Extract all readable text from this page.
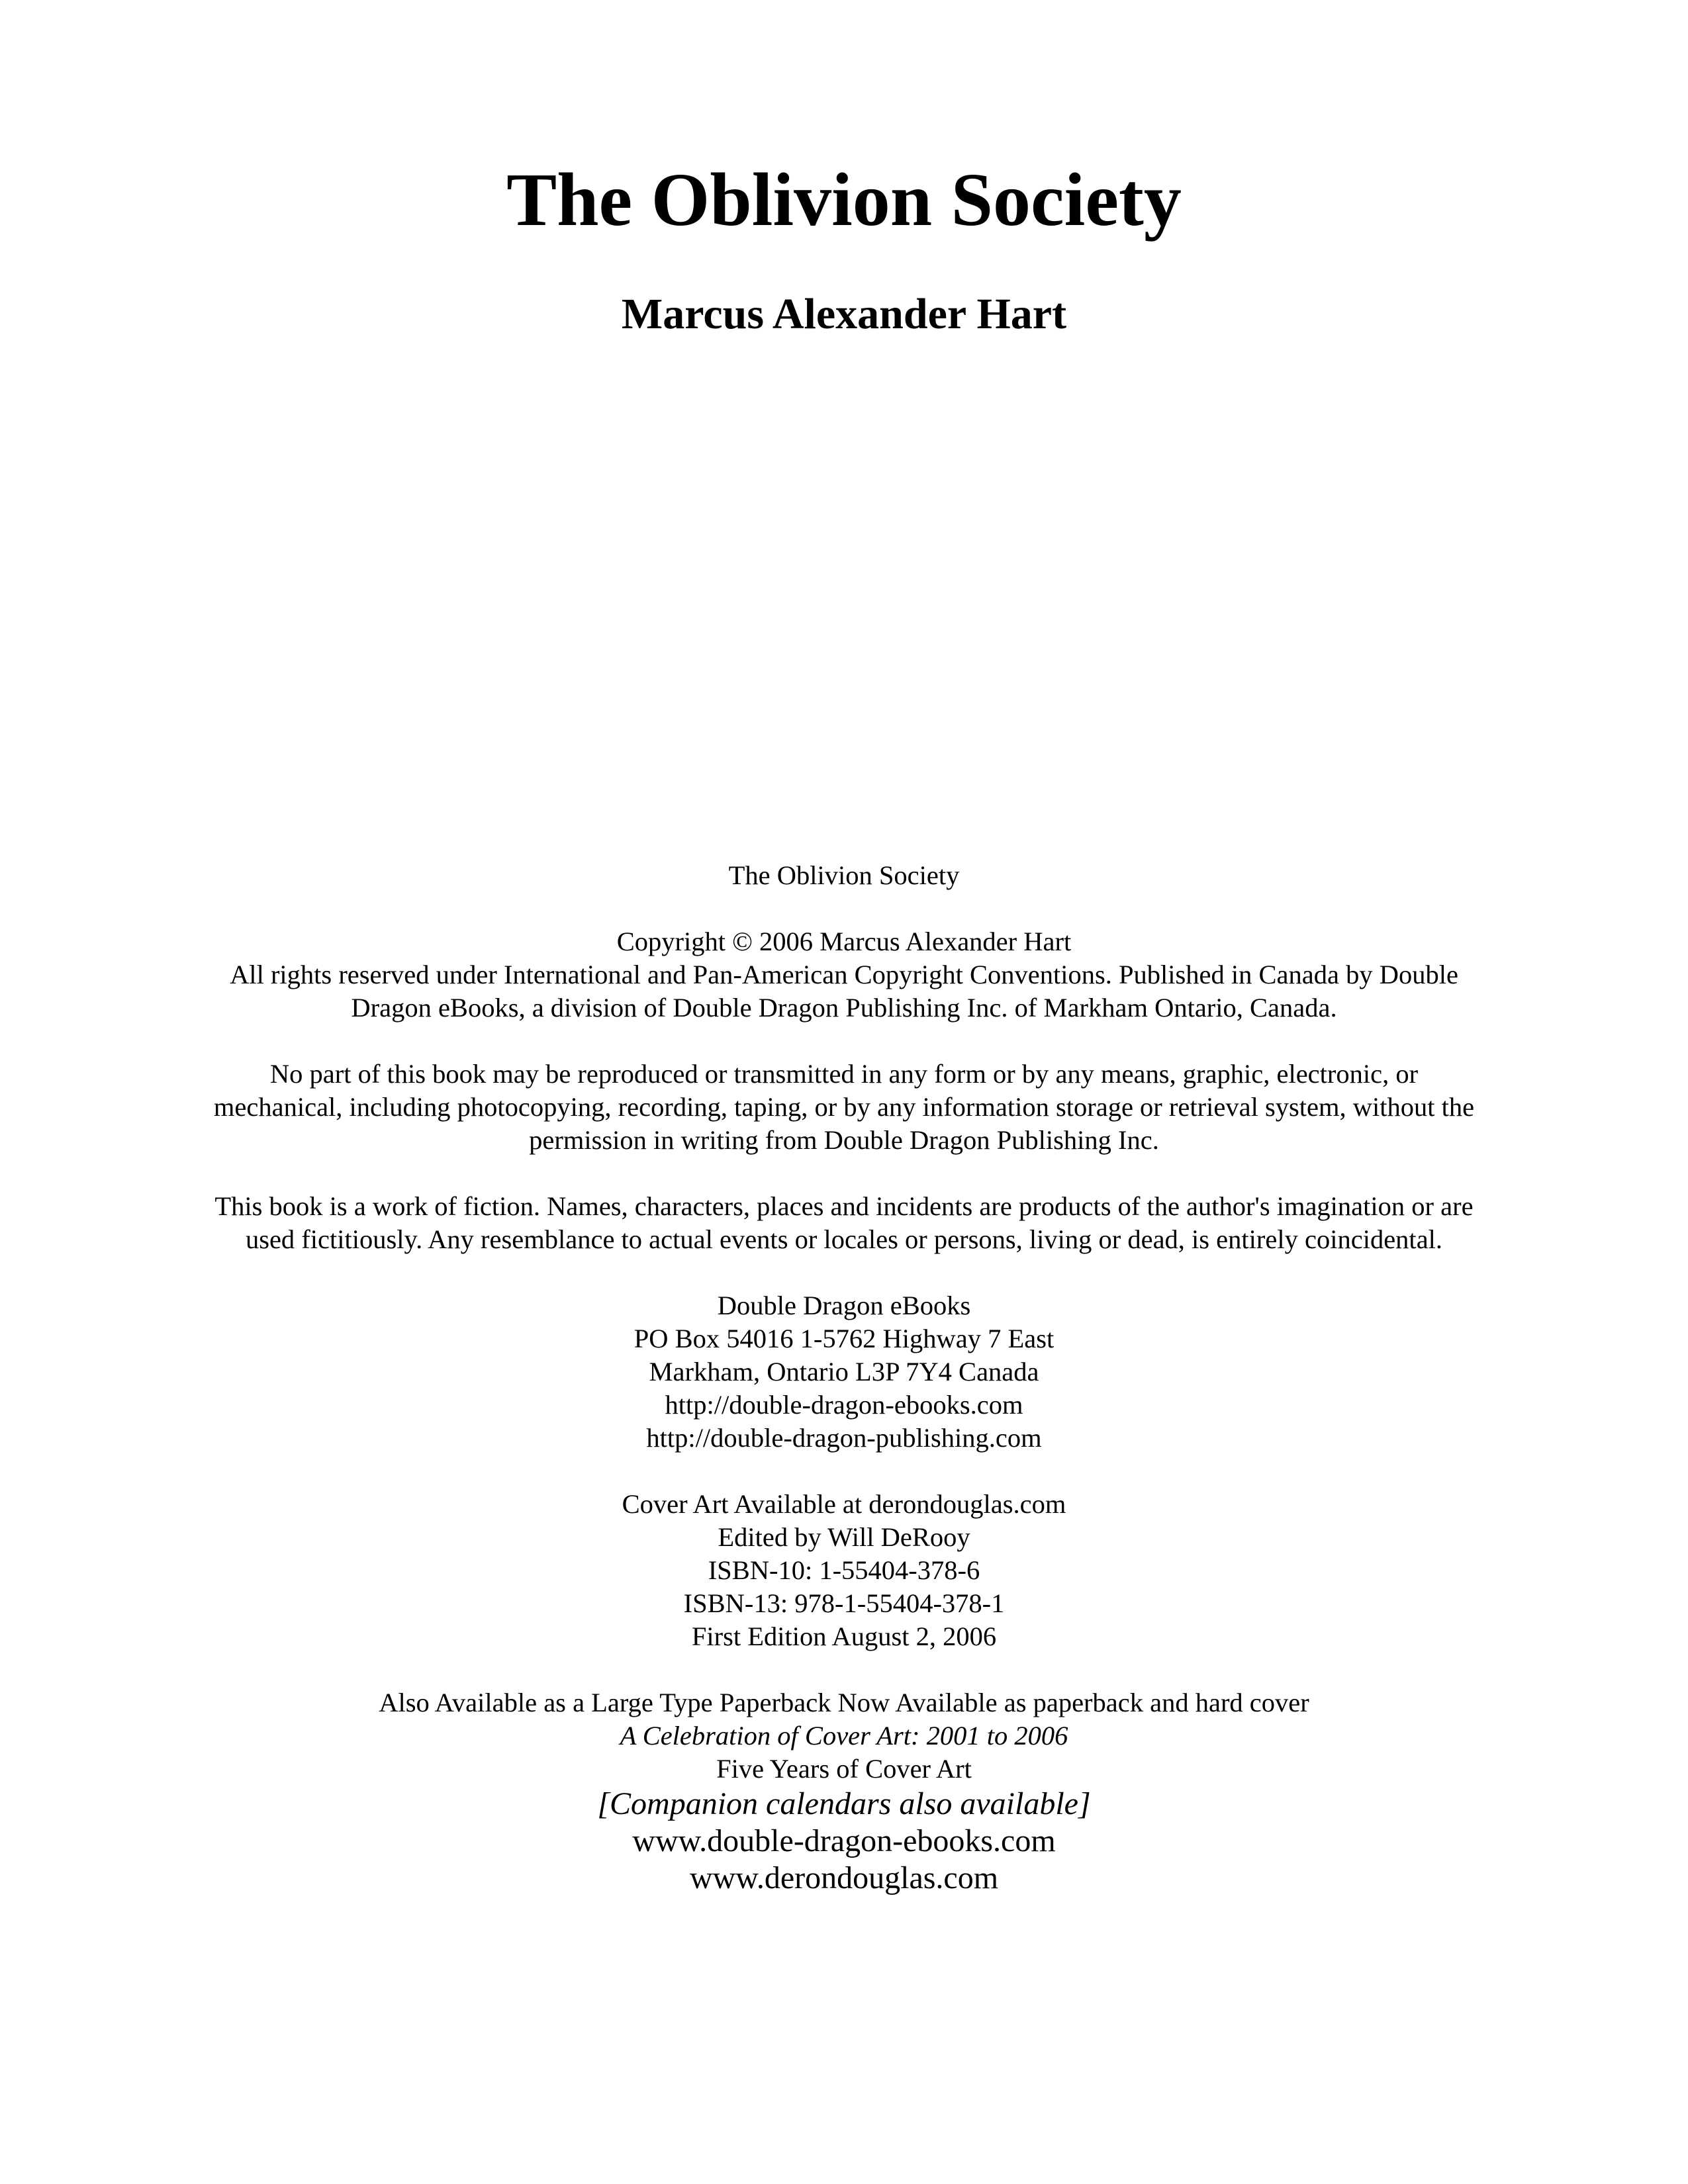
The Oblivion Society
Marcus Alexander Hart
The Oblivion Society
Copyright © 2006 Marcus Alexander Hart
All rights reserved under International and Pan-American Copyright Conventions. Published in Canada by Double
Dragon eBooks, a division of Double Dragon Publishing Inc. of Markham Ontario, Canada.
No part of this book may be reproduced or transmitted in any form or by any means, graphic, electronic, or
mechanical, including photocopying, recording, taping, or by any information storage or retrieval system, without the
permission in writing from Double Dragon Publishing Inc.
This book is a work of fiction. Names, characters, places and incidents are products of the author's imagination or are
used fictitiously. Any resemblance to actual events or locales or persons, living or dead, is entirely coincidental.
Double Dragon eBooks
PO Box 54016 1-5762 Highway 7 East
Markham, Ontario L3P 7Y4 Canada
http://double-dragon-ebooks.com
http://double-dragon-publishing.com
Cover Art Available at derondouglas.com
Edited by Will DeRooy
ISBN-10: 1-55404-378-6
ISBN-13: 978-1-55404-378-1
First Edition August 2, 2006
Also Available as a Large Type Paperback Now Available as paperback and hard cover
A Celebration of Cover Art: 2001 to 2006
Five Years of Cover Art
[Companion calendars also available]
www.double-dragon-ebooks.com
www.derondouglas.com
